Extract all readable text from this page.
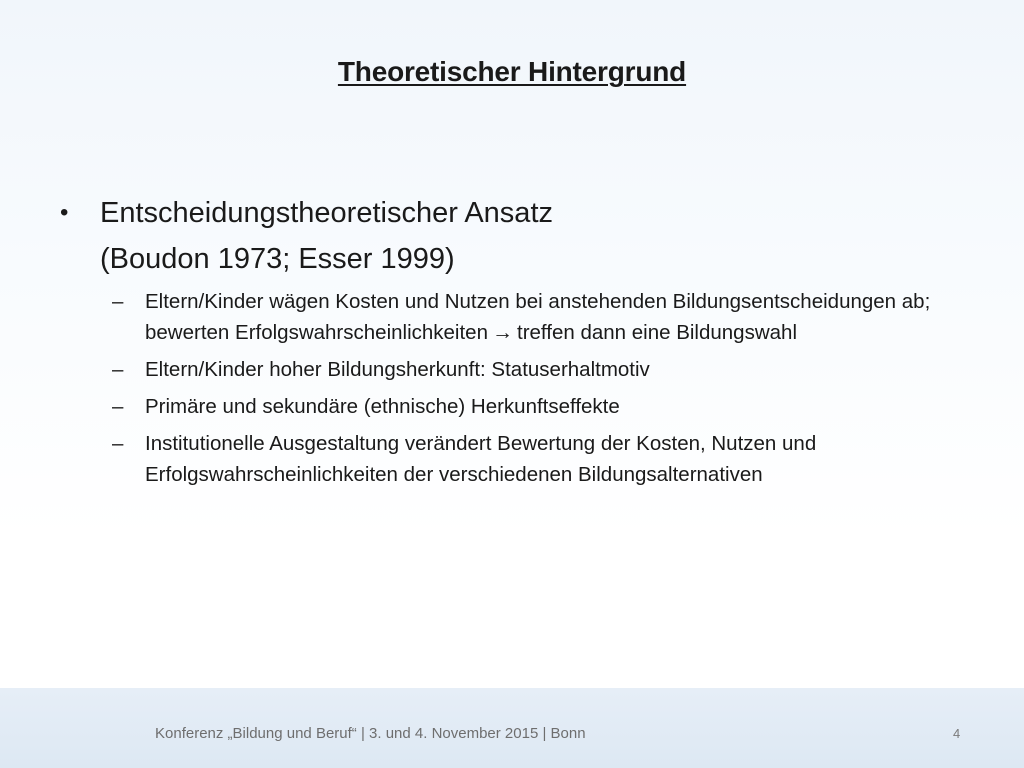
Theoretischer Hintergrund
• Entscheidungstheoretischer Ansatz
(Boudon 1973; Esser 1999)
– Eltern/Kinder wägen Kosten und Nutzen bei anstehenden Bildungsentscheidungen ab; bewerten Erfolgswahrscheinlichkeiten → treffen dann eine Bildungswahl
– Eltern/Kinder hoher Bildungsherkunft: Statuserhaltmotiv
– Primäre und sekundäre (ethnische) Herkunftseffekte
– Institutionelle Ausgestaltung verändert Bewertung der Kosten, Nutzen und Erfolgswahrscheinlichkeiten der verschiedenen Bildungsalternativen
Konferenz „Bildung und Beruf“ | 3. und 4. November 2015 | Bonn	4
